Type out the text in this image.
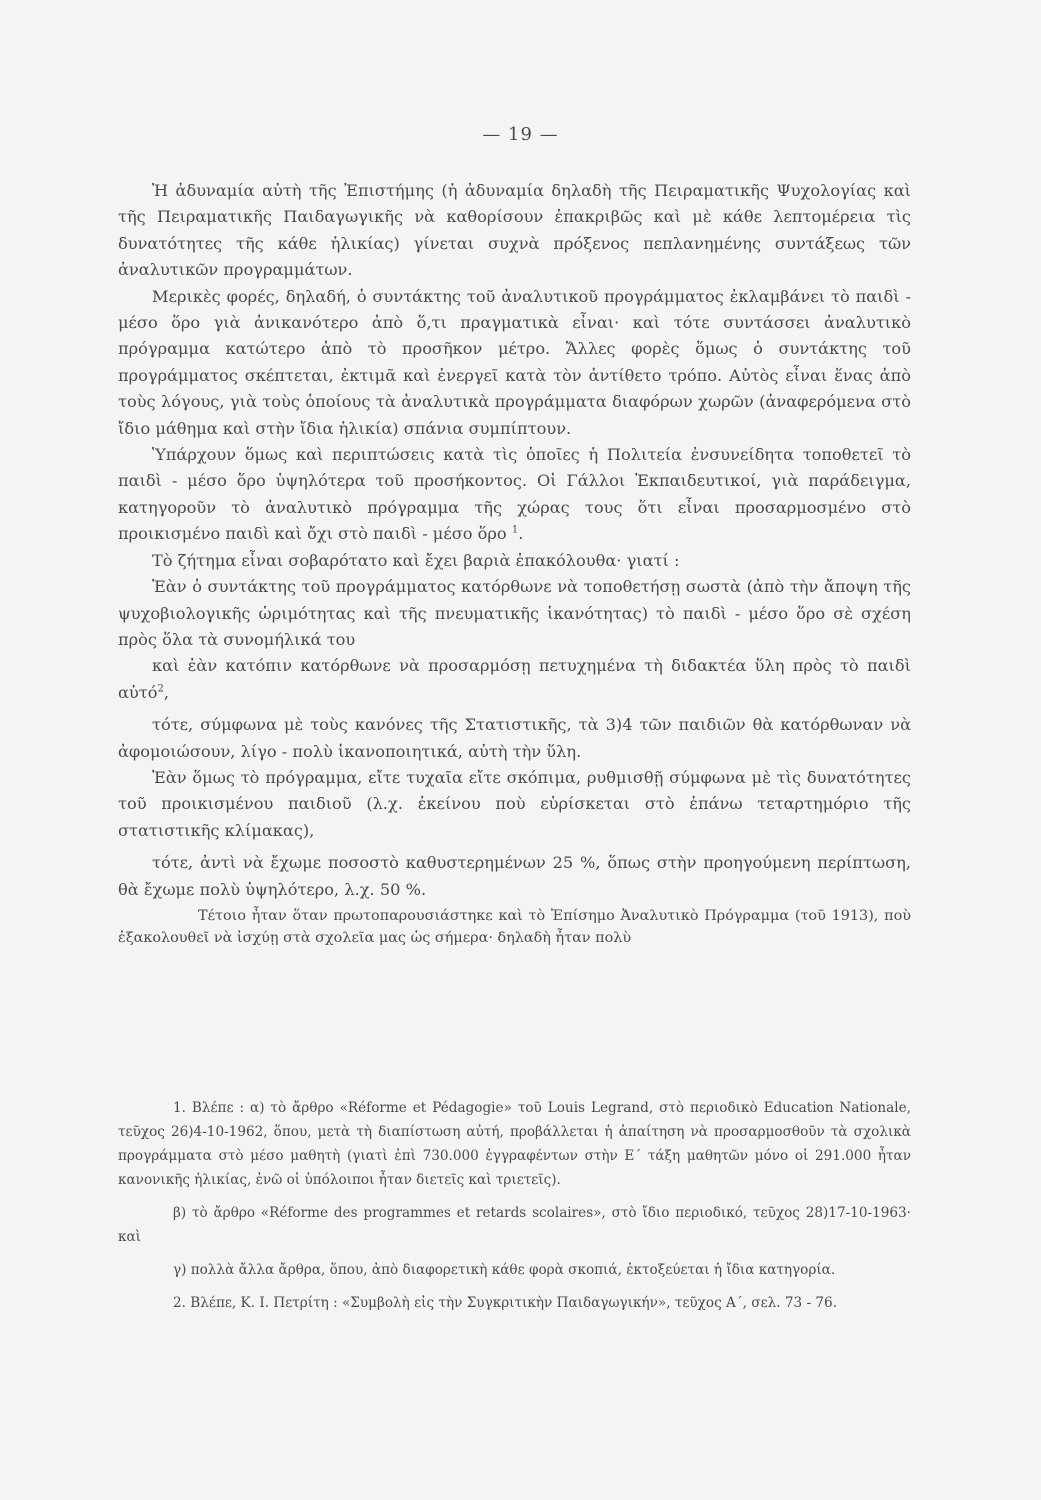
— 19 —

Ἡ ἀδυναμία αὐτὴ τῆς Ἐπιστήμης (ἡ ἀδυναμία δηλαδὴ τῆς Πειραματικῆς Ψυχολογίας καὶ τῆς Πειραματικῆς Παιδαγωγικῆς νὰ καθορίσουν ἐπακριβῶς καὶ μὲ κάθε λεπτομέρεια τὶς δυνατότητες τῆς κάθε ἡλικίας) γίνεται συχνὰ πρόξενος πεπλανημένης συντάξεως τῶν ἀναλυτικῶν προγραμμάτων.

Μερικὲς φορές, δηλαδή, ὁ συντάκτης τοῦ ἀναλυτικοῦ προγράμματος ἐκλαμβάνει τὸ παιδὶ - μέσο ὅρο γιὰ ἀνικανότερο ἀπὸ ὅ,τι πραγματικὰ εἶναι· καὶ τότε συντάσσει ἀναλυτικὸ πρόγραμμα κατώτερο ἀπὸ τὸ προσῆκον μέτρο. Ἄλλες φορὲς ὅμως ὁ συντάκτης τοῦ προγράμματος σκέπτεται, ἐκτιμᾶ καὶ ἐνεργεῖ κατὰ τὸν ἀντίθετο τρόπο. Αὐτὸς εἶναι ἕνας ἀπὸ τοὺς λόγους, γιὰ τοὺς ὁποίους τὰ ἀναλυτικὰ προγράμματα διαφόρων χωρῶν (ἀναφερόμενα στὸ ἴδιο μάθημα καὶ στὴν ἴδια ἡλικία) σπάνια συμπίπτουν.

Ὑπάρχουν ὅμως καὶ περιπτώσεις κατὰ τὶς ὁποῖες ἡ Πολιτεία ἐνσυνείδητα τοποθετεῖ τὸ παιδὶ - μέσο ὅρο ὑψηλότερα τοῦ προσήκοντος. Οἱ Γάλλοι Ἐκπαιδευτικοί, γιὰ παράδειγμα, κατηγοροῦν τὸ ἀναλυτικὸ πρόγραμμα τῆς χώρας τους ὅτι εἶναι προσαρμοσμένο στὸ προικισμένο παιδὶ καὶ ὄχι στὸ παιδὶ - μέσο ὅρο $^1$.

Τὸ ζήτημα εἶναι σοβαρότατο καὶ ἔχει βαριὰ ἐπακόλουθα· γιατί :

Ἐὰν ὁ συντάκτης τοῦ προγράμματος κατόρθωνε νὰ τοποθετήσῃ σωστὰ (ἀπὸ τὴν ἄποψη τῆς ψυχοβιολογικῆς ὡριμότητας καὶ τῆς πνευματικῆς ἱκανότητας) τὸ παιδὶ - μέσο ὅρο σὲ σχέση πρὸς ὅλα τὰ συνομήλικά του

καὶ ἐὰν κατόπιν κατόρθωνε νὰ προσαρμόσῃ πετυχημένα τὴ διδακτέα ὕλη πρὸς τὸ παιδὶ αὐτό$^2$,

τότε, σύμφωνα μὲ τοὺς κανόνες τῆς Στατιστικῆς, τὰ 3)4 τῶν παιδιῶν θὰ κατόρθωναν νὰ ἀφομοιώσουν, λίγο - πολὺ ἱκανοποιητικά, αὐτὴ τὴν ὕλη.

Ἐὰν ὅμως τὸ πρόγραμμα, εἴτε τυχαῖα εἴτε σκόπιμα, ρυθμισθῇ σύμφωνα μὲ τὶς δυνατότητες τοῦ προικισμένου παιδιοῦ (λ.χ. ἐκείνου ποὺ εὑρίσκεται στὸ ἐπάνω τεταρτημόριο τῆς στατιστικῆς κλίμακας),

τότε, ἀντὶ νὰ ἔχωμε ποσοστὸ καθυστερημένων 25 %, ὅπως στὴν προηγούμενη περίπτωση, θὰ ἔχωμε πολὺ ὑψηλότερο, λ.χ. 50 %.

Τέτοιο ἦταν ὅταν πρωτοπαρουσιάστηκε καὶ τὸ Ἐπίσημο Ἀναλυτικὸ Πρόγραμμα (τοῦ 1913), ποὺ ἐξακολουθεῖ νὰ ἰσχύῃ στὰ σχολεῖα μας ὡς σήμερα· δηλαδὴ ἦταν πολὺ

1. Βλέπε : α) τὸ ἄρθρο «Réforme et Pédagogie» τοῦ Louis Legrand, στὸ περιοδικὸ Education Nationale, τεῦχος 26)4-10-1962, ὅπου, μετὰ τὴ διαπίστωση αὐτή, προβάλλεται ἡ ἀπαίτηση νὰ προσαρμοσθοῦν τὰ σχολικὰ προγράμματα στὸ μέσο μαθητὴ (γιατὶ ἐπὶ 730.000 ἐγγραφέντων στὴν Ε΄ τάξη μαθητῶν μόνο οἱ 291.000 ἦταν κανονικῆς ἡλικίας, ἐνῶ οἱ ὑπόλοιποι ἦταν διετεῖς καὶ τριετεῖς).

β) τὸ ἄρθρο «Réforme des programmes et retards scolaires», στὸ ἴδιο περιοδικό, τεῦχος 28)17-10-1963· καὶ

γ) πολλὰ ἄλλα ἄρθρα, ὅπου, ἀπὸ διαφορετικὴ κάθε φορὰ σκοπιά, ἐκτοξεύεται ἡ ἴδια κατηγορία.

2. Βλέπε, Κ. Ι. Πετρίτη : «Συμβολὴ εἰς τὴν Συγκριτικὴν Παιδαγωγικήν», τεῦχος Α΄, σελ. 73 - 76.
